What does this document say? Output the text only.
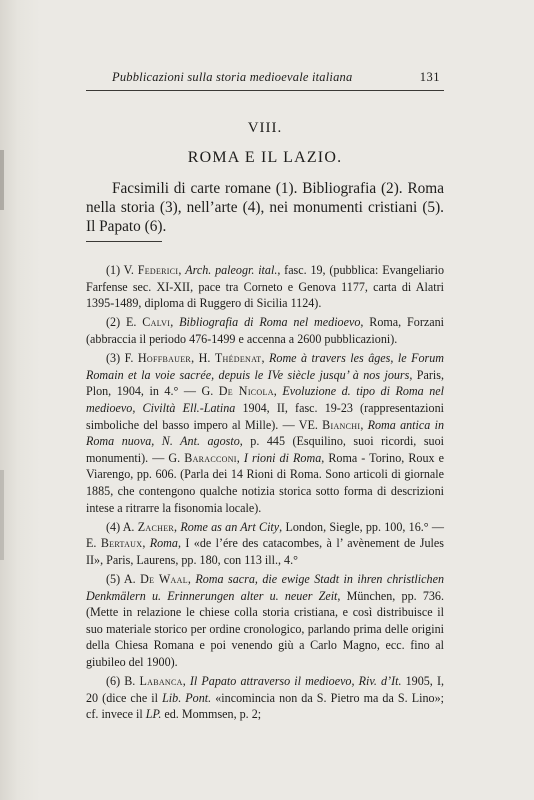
Pubblicazioni sulla storia medioevale italiana	131
VIII.
ROMA E IL LAZIO.

Facsimili di carte romane (1). Bibliografia (2). Roma nella storia (3), nell’arte (4), nei monumenti cristiani (5). Il Papato (6).

(1) V. Federici, Arch. paleogr. ital., fasc. 19, (pubblica: Evangeliario Farfense sec. XI-XII, pace tra Corneto e Genova 1177, carta di Alatri 1395-1489, diploma di Ruggero di Sicilia 1124).

(2) E. Calvi, Bibliografia di Roma nel medioevo, Roma, Forzani (abbraccia il periodo 476-1499 e accenna a 2600 pubblicazioni).

(3) F. Hoffbauer, H. Thédenat, Rome à travers les âges, le Forum Romain et la voie sacrée, depuis le IVe siècle jusqu’ à nos jours, Paris, Plon, 1904, in 4.° — G. De Nicola, Evoluzione d. tipo di Roma nel medioevo, Civiltà Ell.-Latina 1904, II, fasc. 19-23 (rappresentazioni simboliche del basso impero al Mille). — VE. Bianchi, Roma antica in Roma nuova, N. Ant. agosto, p. 445 (Esquilino, suoi ricordi, suoi monumenti). — G. Baracconi, I rioni di Roma, Roma - Torino, Roux e Viarengo, pp. 606. (Parla dei 14 Rioni di Roma. Sono articoli di giornale 1885, che contengono qualche notizia storica sotto forma di descrizioni intese a ritrarre la fisonomia locale).

(4) A. Zacher, Rome as an Art City, London, Siegle, pp. 100, 16.° — E. Bertaux, Roma, I «de l’ére des catacombes, à l’ avènement de Jules II», Paris, Laurens, pp. 180, con 113 ill., 4.°

(5) A. De Waal, Roma sacra, die ewige Stadt in ihren christlichen Denkmälern u. Erinnerungen alter u. neuer Zeit, München, pp. 736. (Mette in relazione le chiese colla storia cristiana, e così distribuisce il suo materiale storico per ordine cronologico, parlando prima delle origini della Chiesa Romana e poi venendo giù a Carlo Magno, ecc. fino al giubileo del 1900).

(6) B. Labanca, Il Papato attraverso il medioevo, Riv. d’It. 1905, I, 20 (dice che il Lib. Pont. «incomincia non da S. Pietro ma da S. Lino»; cf. invece il LP. ed. Mommsen, p. 2;
